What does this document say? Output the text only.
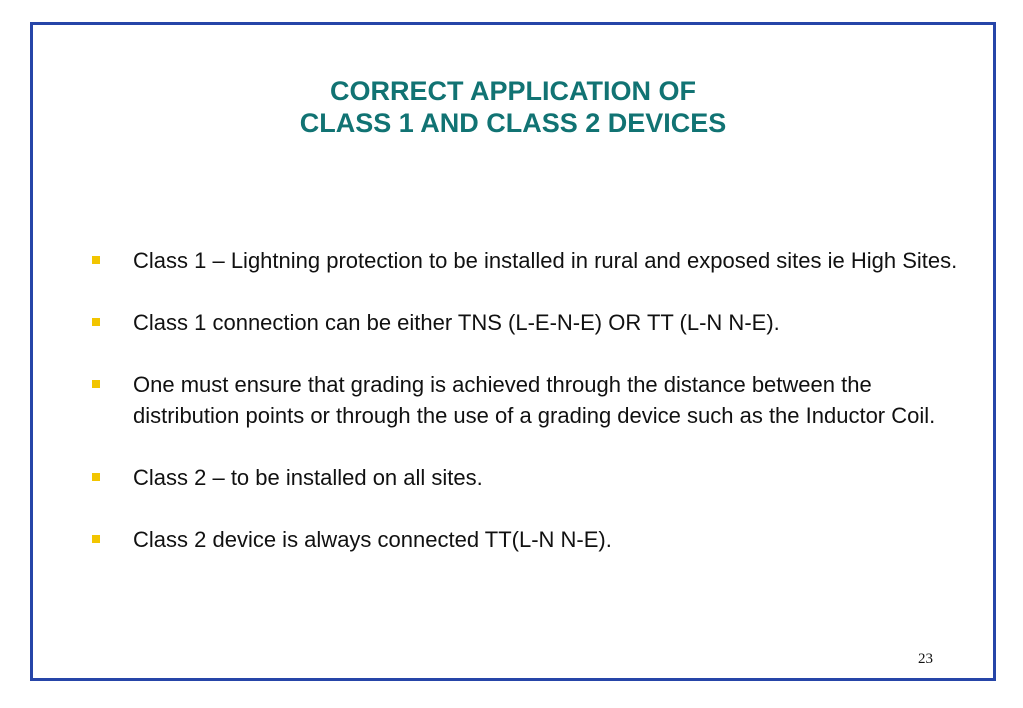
CORRECT APPLICATION OF
CLASS 1 AND CLASS 2 DEVICES
Class 1 – Lightning protection to be installed in rural and exposed sites ie High Sites.
Class 1 connection can be either TNS (L-E-N-E) OR TT (L-N N-E).
One must ensure that grading is achieved through the distance between the distribution points or through the use of a grading device such as the Inductor Coil.
Class 2 – to be installed on all sites.
Class 2 device is always connected TT(L-N N-E).
23
